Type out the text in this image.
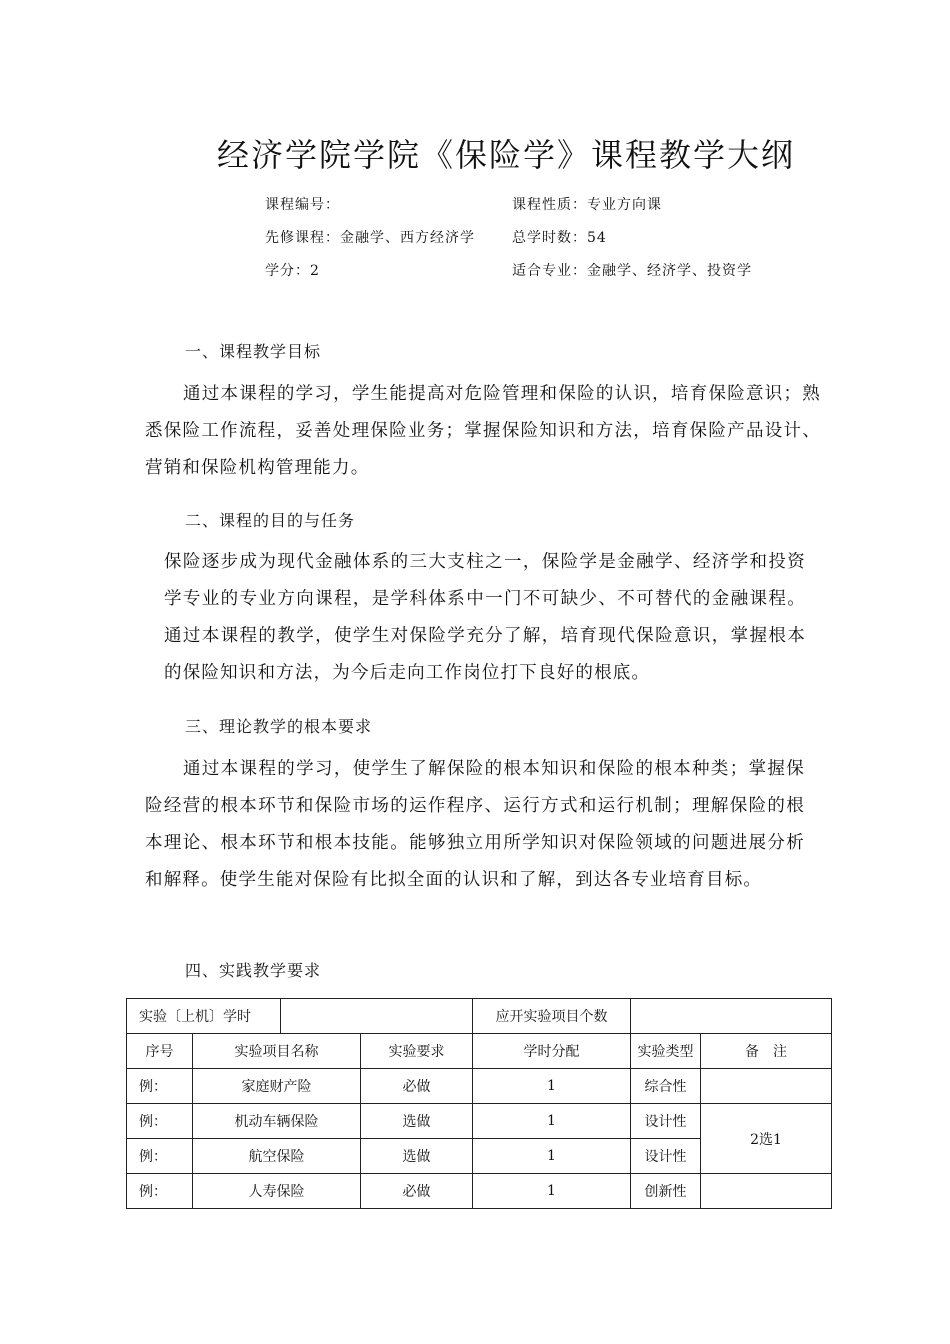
经济学院学院《保险学》课程教学大纲
课程编号：	课程性质：专业方向课
先修课程：金融学、西方经济学	总学时数：54
学分：2	适合专业：金融学、经济学、投资学
一、课程教学目标
通过本课程的学习，学生能提高对危险管理和保险的认识，培育保险意识；熟悉保险工作流程，妥善处理保险业务；掌握保险知识和方法，培育保险产品设计、营销和保险机构管理能力。
二、课程的目的与任务
保险逐步成为现代金融体系的三大支柱之一，保险学是金融学、经济学和投资学专业的专业方向课程，是学科体系中一门不可缺少、不可替代的金融课程。通过本课程的教学，使学生对保险学充分了解，培育现代保险意识，掌握根本的保险知识和方法，为今后走向工作岗位打下良好的根底。
三、理论教学的根本要求
通过本课程的学习，使学生了解保险的根本知识和保险的根本种类；掌握保险经营的根本环节和保险市场的运作程序、运行方式和运行机制；理解保险的根本理论、根本环节和根本技能。能够独立用所学知识对保险领域的问题进展分析和解释。使学生能对保险有比拟全面的认识和了解，到达各专业培育目标。
四、实践教学要求
实验〔上机〕学时				应开实验项目个数		
序号	实验项目名称		实验要求	学时分配	实验类型	备　注
例：	家庭财产险		必做	1	综合性	
例：	机动车辆保险		选做	1	设计性	2选1
例：	航空保险		选做	1	设计性	
例：	人寿保险		必做	1	创新性	
